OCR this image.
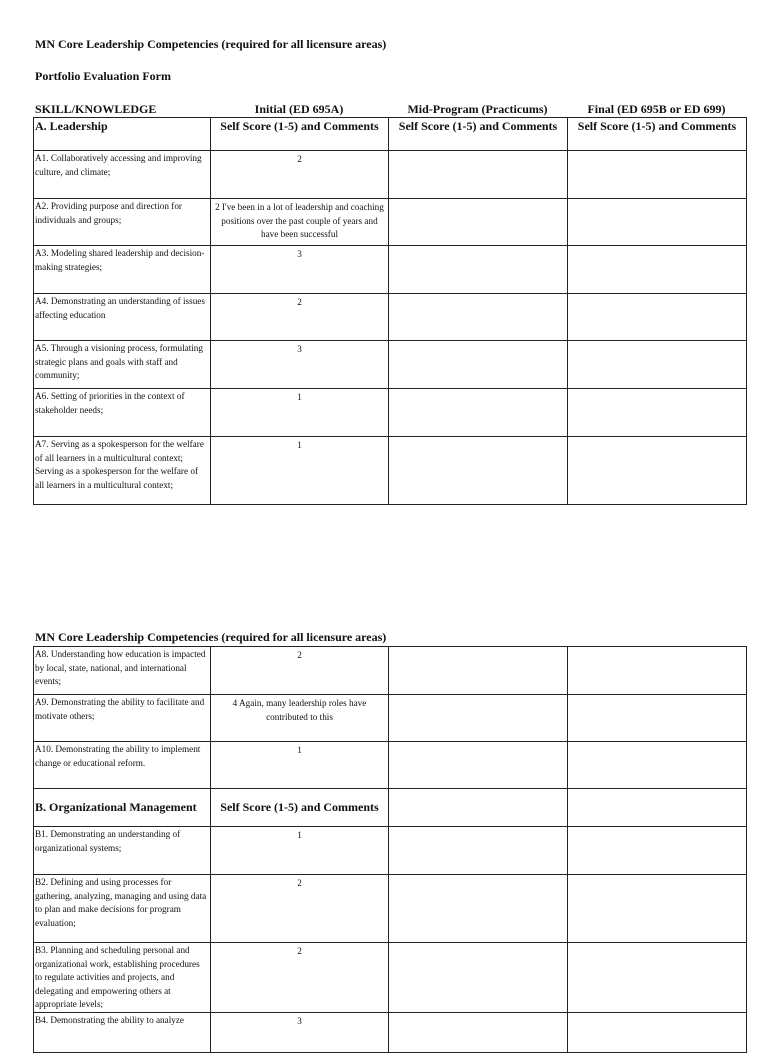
MN Core Leadership Competencies (required for all licensure areas)
Portfolio Evaluation Form
SKILL/KNOWLEDGE	Initial (ED 695A)	Mid-Program (Practicums)	Final (ED 695B or ED 699)
A. Leadership	Self Score (1-5) and Comments	Self Score (1-5) and Comments	Self Score (1-5) and Comments
A1. Collaboratively accessing and improving culture, and climate;	2		
A2. Providing purpose and direction for individuals and groups;	2 I've been in a lot of leadership and coaching positions over the past couple of years and have been successful		
A3. Modeling shared leadership and decision-making strategies;	3		
A4. Demonstrating an understanding of issues affecting education	2		
A5. Through a visioning process, formulating strategic plans and goals with staff and community;	3		
A6. Setting of priorities in the context of stakeholder needs;	1		
A7. Serving as a spokesperson for the welfare of all learners in a multicultural context; Serving as a spokesperson for the welfare of all learners in a multicultural context;	1		
MN Core Leadership Competencies (required for all licensure areas)
A8. Understanding how education is impacted by local, state, national, and international events;	2		
A9. Demonstrating the ability to facilitate and motivate others;	4 Again, many leadership roles have contributed to this		
A10. Demonstrating the ability to implement change or educational reform.	1		
B. Organizational Management	Self Score (1-5) and Comments		
B1. Demonstrating an understanding of organizational systems;	1		
B2. Defining and using processes for gathering, analyzing, managing and using data to plan and make decisions for program evaluation;	2		
B3. Planning and scheduling personal and organizational work, establishing procedures to regulate activities and projects, and delegating and empowering others at appropriate levels;	2		
B4. Demonstrating the ability to analyze	3		
